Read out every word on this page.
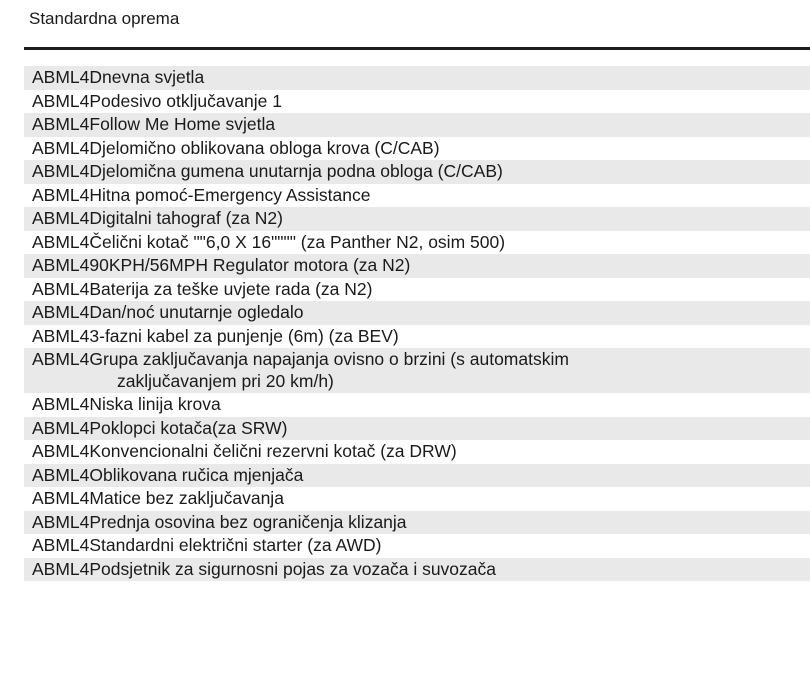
Standardna oprema
ABML4Dnevna svjetla
ABML4Podesivo otključavanje 1
ABML4Follow Me Home svjetla
ABML4Djelomično oblikovana obloga krova (C/CAB)
ABML4Djelomična gumena unutarnja podna obloga (C/CAB)
ABML4Hitna pomoć-Emergency Assistance
ABML4Digitalni tahograf (za N2)
ABML4Čelični kotač ""6,0 X 16"""" (za Panther N2, osim 500)
ABML490KPH/56MPH Regulator motora (za N2)
ABML4Baterija za teške uvjete rada (za N2)
ABML4Dan/noć unutarnje ogledalo
ABML43-fazni kabel za punjenje (6m) (za BEV)
ABML4Grupa zaključavanja napajanja ovisno o brzini (s automatskim
zaključavanjem pri 20 km/h)
ABML4Niska linija krova
ABML4Poklopci kotača(za SRW)
ABML4Konvencionalni čelični rezervni kotač (za DRW)
ABML4Oblikovana ručica mjenjača
ABML4Matice bez zaključavanja
ABML4Prednja osovina bez ograničenja klizanja
ABML4Standardni električni starter (za AWD)
ABML4Podsjetnik za sigurnosni pojas za vozača i suvozača
